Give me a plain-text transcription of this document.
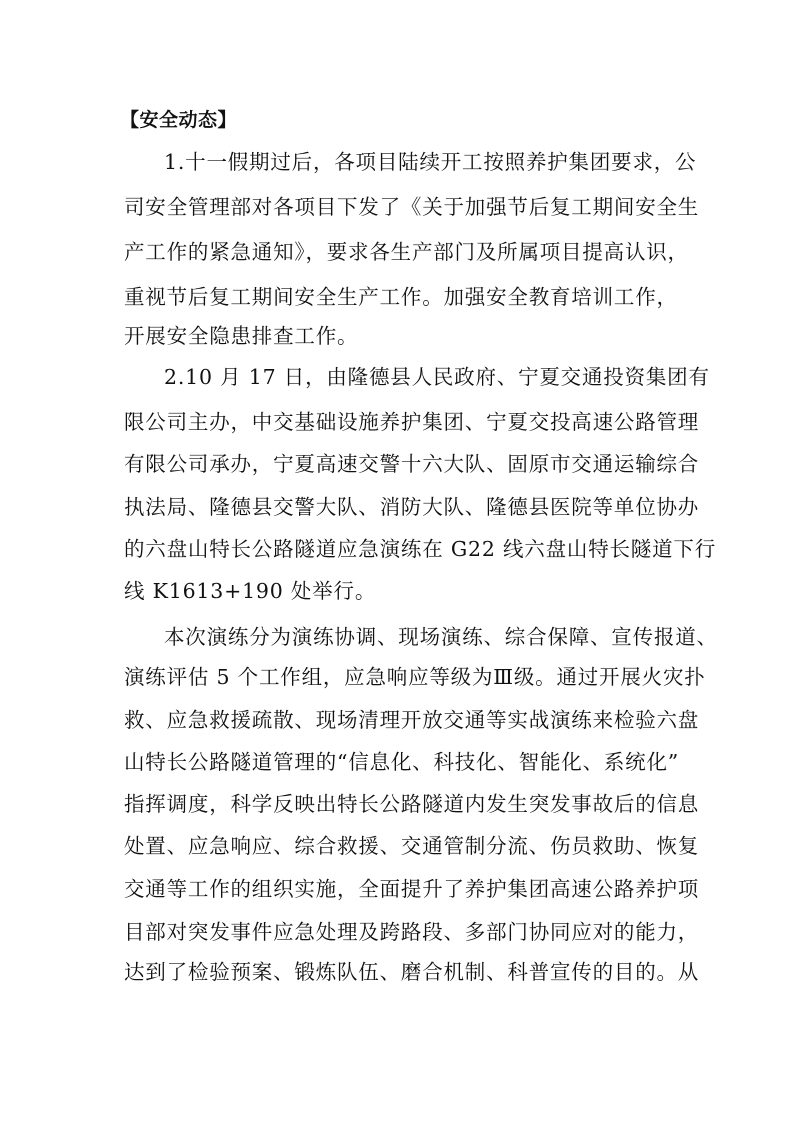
【安全动态】
1.十一假期过后，各项目陆续开工按照养护集团要求，公
司安全管理部对各项目下发了《关于加强节后复工期间安全生
产工作的紧急通知》，要求各生产部门及所属项目提高认识，
重视节后复工期间安全生产工作。加强安全教育培训工作，
开展安全隐患排查工作。
2.10 月 17 日，由隆德县人民政府、宁夏交通投资集团有
限公司主办，中交基础设施养护集团、宁夏交投高速公路管理
有限公司承办，宁夏高速交警十六大队、固原市交通运输综合
执法局、隆德县交警大队、消防大队、隆德县医院等单位协办
的六盘山特长公路隧道应急演练在 G22 线六盘山特长隧道下行
线 K1613+190 处举行。
本次演练分为演练协调、现场演练、综合保障、宣传报道、
演练评估 5 个工作组，应急响应等级为Ⅲ级。通过开展火灾扑
救、应急救援疏散、现场清理开放交通等实战演练来检验六盘
山特长公路隧道管理的“信息化、科技化、智能化、系统化”
指挥调度，科学反映出特长公路隧道内发生突发事故后的信息
处置、应急响应、综合救援、交通管制分流、伤员救助、恢复
交通等工作的组织实施，全面提升了养护集团高速公路养护项
目部对突发事件应急处理及跨路段、多部门协同应对的能力，
达到了检验预案、锻炼队伍、磨合机制、科普宣传的目的。从
